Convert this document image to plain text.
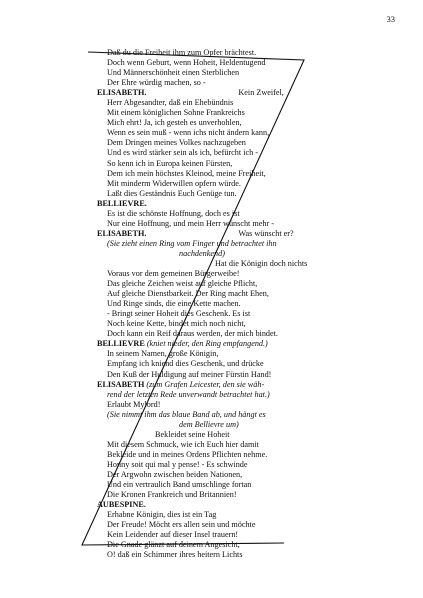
33
Daß du die Freiheit ihm zum Opfer brächtest.
Doch wenn Geburt, wenn Hoheit, Heldentugend
Und Männerschönheit einen Sterblichen
Der Ehre würdig machen, so -
ELISABETH.	Kein Zweifel,
Herr Abgesandter, daß ein Ehebündnis
Mit einem königlichen Sohne Frankreichs
Mich ehrt! Ja, ich gesteh es unverhohlen,
Wenn es sein muß - wenn ichs nicht ändern kann,
Dem Dringen meines Volkes nachzugeben
Und es wird stärker sein als ich, befürcht ich -
So kenn ich in Europa keinen Fürsten,
Dem ich mein höchstes Kleinod, meine Freiheit,
Mit minderm Widerwillen opfern würde.
Laßt dies Geständnis Euch Genüge tun.
BELLIEVRE.
Es ist die schönste Hoffnung, doch es ist
Nur eine Hoffnung, und mein Herr wünscht mehr -
ELISABETH.	Was wünscht er?
(Sie zieht einen Ring vom Finger und betrachtet ihn
nachdenkend)
Hat die Königin doch nichts
Voraus vor dem gemeinen Bürgerweibe!
Das gleiche Zeichen weist auf gleiche Pflicht,
Auf gleiche Dienstbarkeit. Der Ring macht Ehen,
Und Ringe sinds, die eine Kette machen.
- Bringt seiner Hoheit dies Geschenk. Es ist
Noch keine Kette, bindet mich noch nicht,
Doch kann ein Reif daraus werden, der mich bindet.
BELLIEVRE (kniet nieder, den Ring empfangend.)
In seinem Namen, große Königin,
Empfang ich kniend dies Geschenk, und drücke
Den Kuß der Huldigung auf meiner Fürstin Hand!
ELISABETH (zum Grafen Leicester, den sie wäh-
rend der letzten Rede unverwandt betrachtet hat.)
Erlaubt Mylord!
(Sie nimmt ihm das blaue Band ab, und hängt es
dem Bellievre um)
Bekleidet seine Hoheit
Mit diesem Schmuck, wie ich Euch hier damit
Bekleide und in meines Ordens Pflichten nehme.
Honny soit qui mal y pense! - Es schwinde
Der Argwohn zwischen beiden Nationen,
Und ein vertraulich Band umschlinge fortan
Die Kronen Frankreich und Britannien!
AUBESPINE.
Erhabne Königin, dies ist ein Tag
Der Freude! Möcht ers allen sein und möchte
Kein Leidender auf dieser Insel trauern!
Die Gnade glänzt auf deinem Angesicht,
O! daß ein Schimmer ihres heitern Lichts
